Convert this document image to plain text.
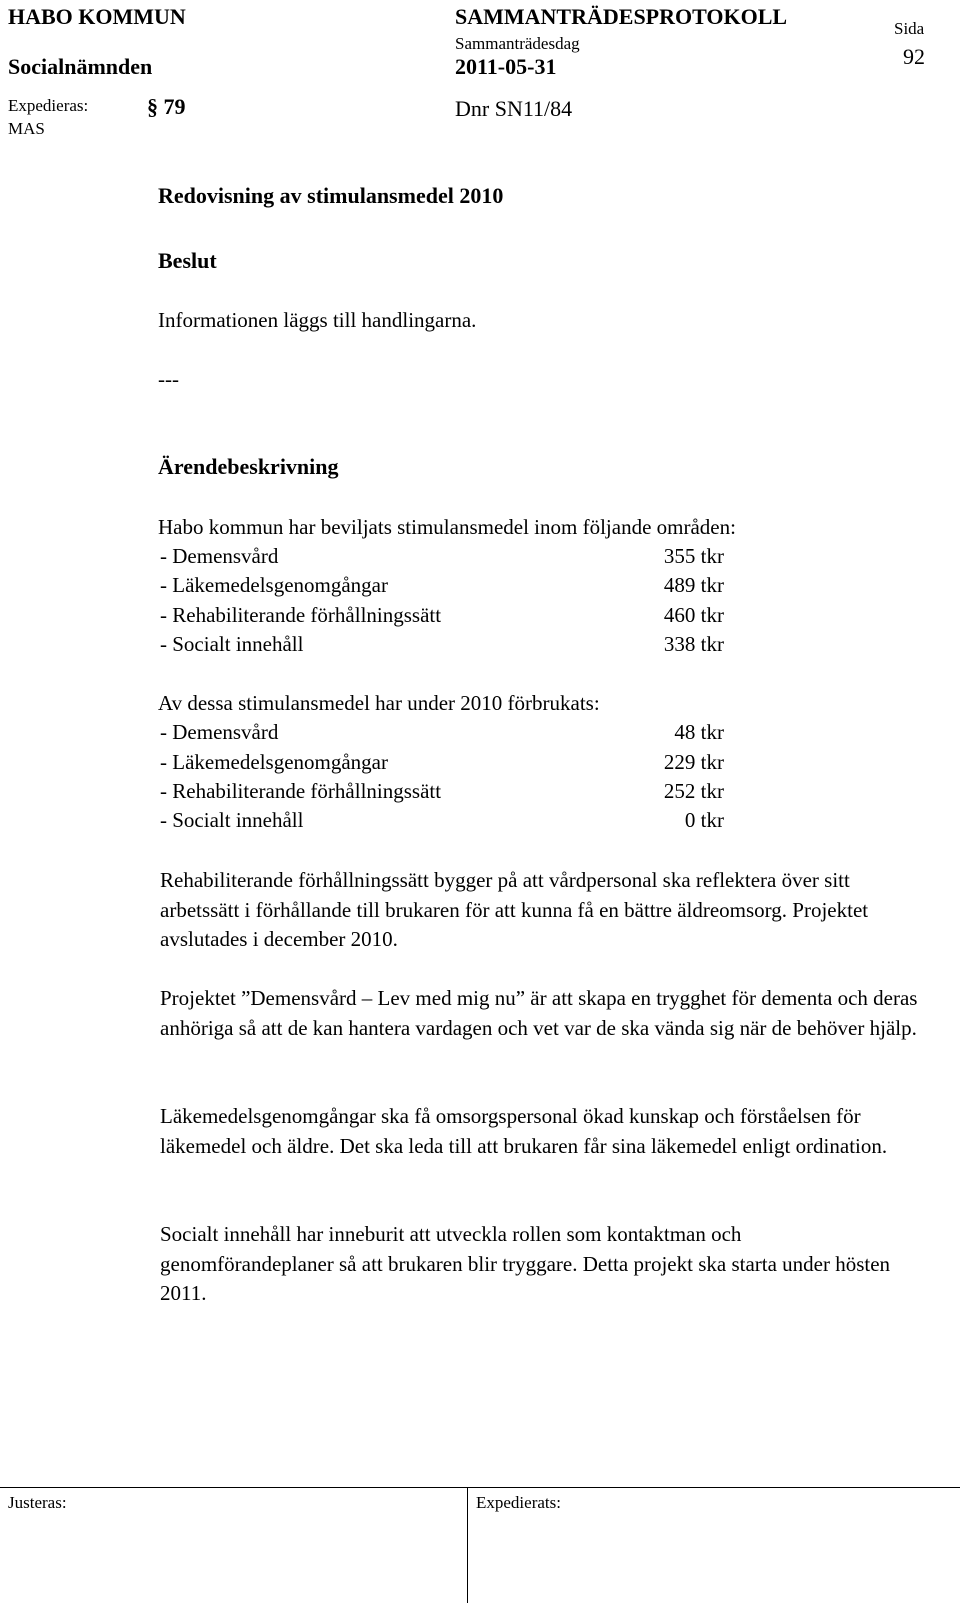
HABO KOMMUN
Socialnämnden
Expedieras:
MAS
SAMMANTRÄDESPROTOKOLL
Sammanträdesdag
2011-05-31
§ 79	Dnr SN11/84
Sida
92
Redovisning av stimulansmedel 2010
Beslut
Informationen läggs till handlingarna.
---
Ärendebeskrivning
Habo kommun har beviljats stimulansmedel inom följande områden:
- Demensvård	355 tkr
- Läkemedelsgenomgångar	489 tkr
- Rehabiliterande förhållningssätt	460 tkr
- Socialt innehåll	338 tkr
Av dessa stimulansmedel har under 2010 förbrukats:
- Demensvård	48 tkr
- Läkemedelsgenomgångar	229 tkr
- Rehabiliterande förhållningssätt	252 tkr
- Socialt innehåll	0 tkr
Rehabiliterande förhållningssätt bygger på att vårdpersonal ska reflektera över sitt arbetssätt i förhållande till brukaren för att kunna få en bättre äldreomsorg. Projektet avslutades i december 2010.
Projektet ”Demensvård – Lev med mig nu” är att skapa en trygghet för dementa och deras anhöriga så att de kan hantera vardagen och vet var de ska vända sig när de behöver hjälp.
Läkemedelsgenomgångar ska få omsorgspersonal ökad kunskap och förståelsen för läkemedel och äldre. Det ska leda till att brukaren får sina läkemedel enligt ordination.
Socialt innehåll har inneburit att utveckla rollen som kontaktman och genomförandeplaner så att brukaren blir tryggare. Detta projekt ska starta under hösten 2011.
Justeras:	Expedierats:
